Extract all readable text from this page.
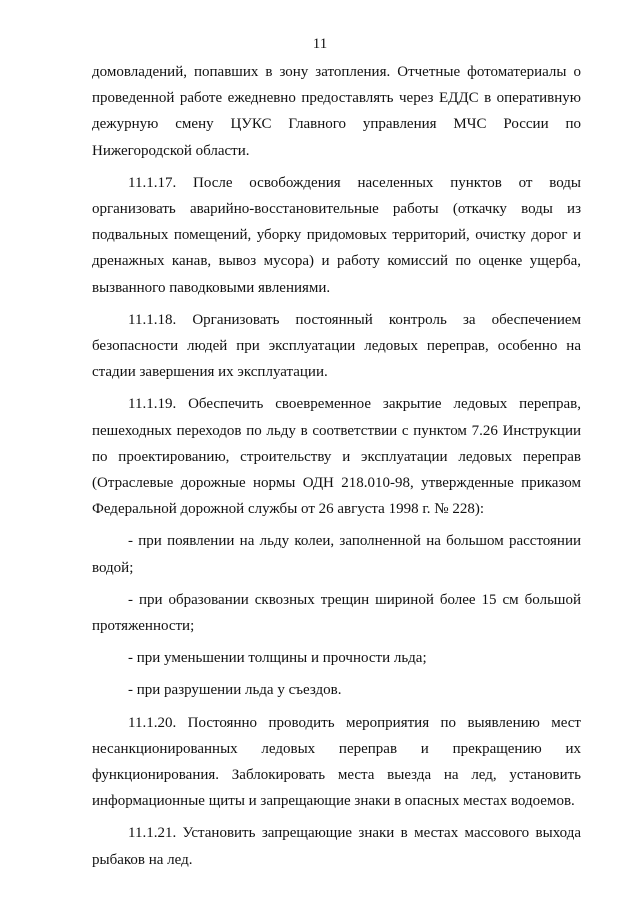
11

домовладений, попавших в зону затопления. Отчетные фотоматериалы о проведенной работе ежедневно предоставлять через ЕДДС в оперативную дежурную смену ЦУКС Главного управления МЧС России по Нижегородской области.

11.1.17. После освобождения населенных пунктов от воды организовать аварийно-восстановительные работы (откачку воды из подвальных помещений, уборку придомовых территорий, очистку дорог и дренажных канав, вывоз мусора) и работу комиссий по оценке ущерба, вызванного паводковыми явлениями.

11.1.18. Организовать постоянный контроль за обеспечением безопасности людей при эксплуатации ледовых переправ, особенно на стадии завершения их эксплуатации.

11.1.19. Обеспечить своевременное закрытие ледовых переправ, пешеходных переходов по льду в соответствии с пунктом 7.26 Инструкции по проектированию, строительству и эксплуатации ледовых переправ (Отраслевые дорожные нормы ОДН 218.010-98, утвержденные приказом Федеральной дорожной службы от 26 августа 1998 г. № 228):

- при появлении на льду колеи, заполненной на большом расстоянии водой;

- при образовании сквозных трещин шириной более 15 см большой протяженности;

- при уменьшении толщины и прочности льда;

- при разрушении льда у съездов.

11.1.20. Постоянно проводить мероприятия по выявлению мест несанкционированных ледовых переправ и прекращению их функционирования. Заблокировать места выезда на лед, установить информационные щиты и запрещающие знаки в опасных местах водоемов.

11.1.21. Установить запрещающие знаки в местах массового выхода рыбаков на лед.
